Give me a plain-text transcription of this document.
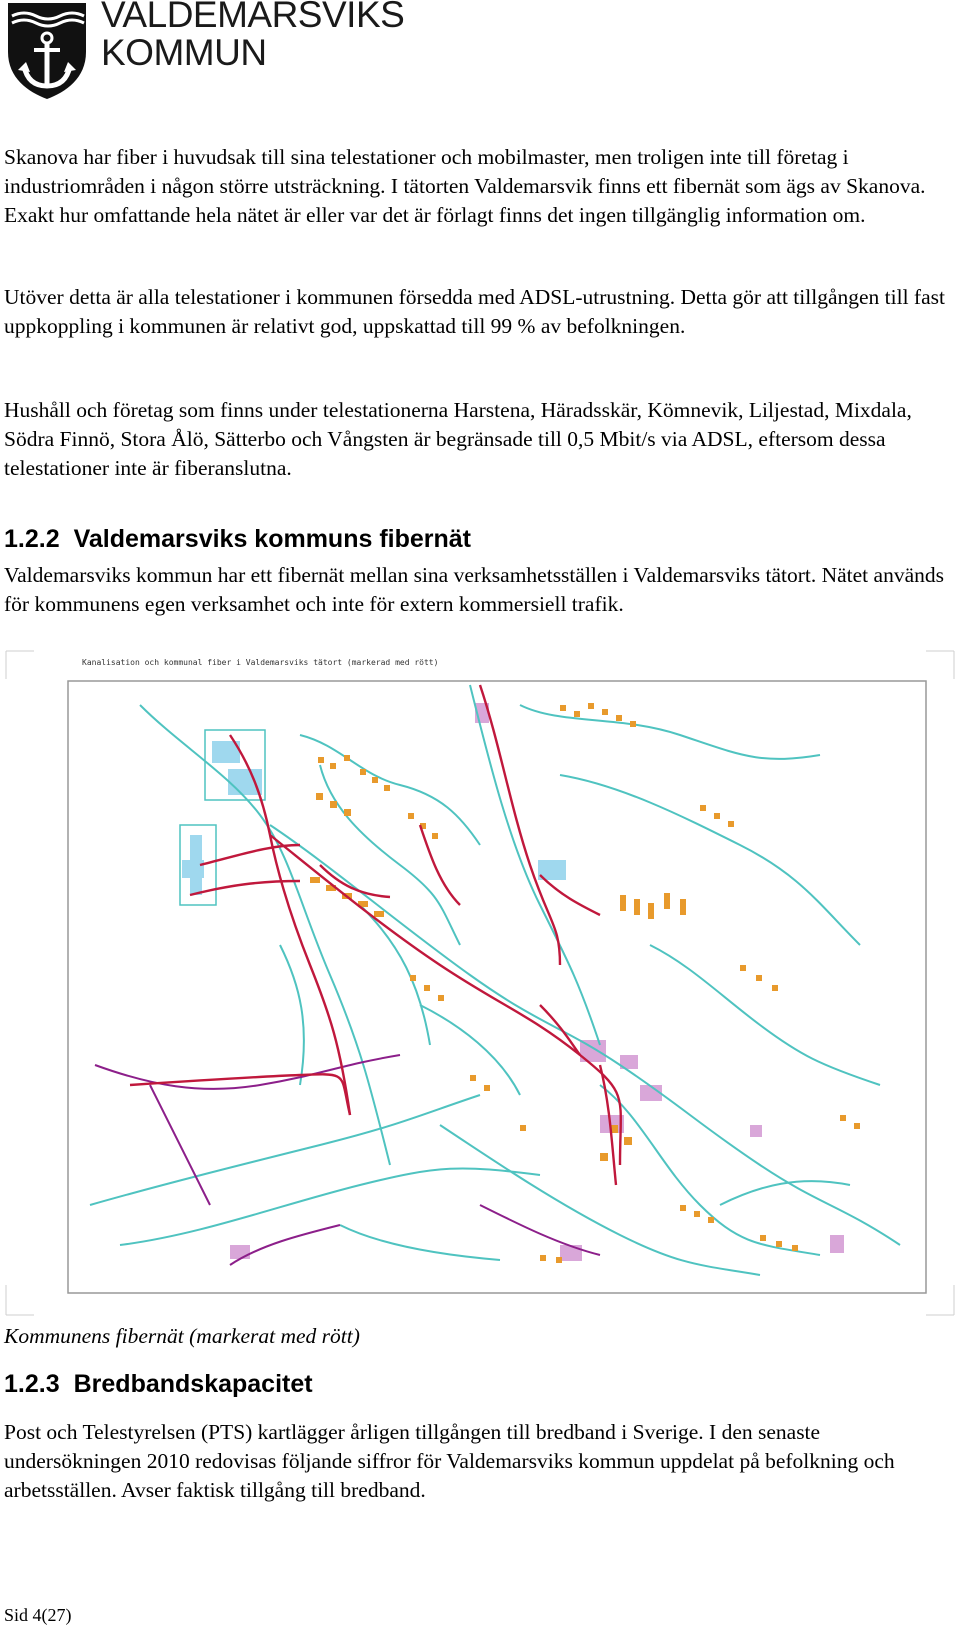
VALDEMARSVIKS
KOMMUN

Skanova har fiber i huvudsak till sina telestationer och mobilmaster, men troligen inte till företag i industriområden i någon större utsträckning. I tätorten Valdemarsvik finns ett fibernät som ägs av Skanova. Exakt hur omfattande hela nätet är eller var det är förlagt finns det ingen tillgänglig information om.

Utöver detta är alla telestationer i kommunen försedda med ADSL-utrustning. Detta gör att tillgången till fast uppkoppling i kommunen är relativt god, uppskattad till 99 % av befolkningen.

Hushåll och företag som finns under telestationerna Harstena, Häradsskär, Kömnevik, Liljestad, Mixdala, Södra Finnö, Stora Ålö, Sätterbo och Vångsten är begränsade till 0,5 Mbit/s via ADSL, eftersom dessa telestationer inte är fiberanslutna.

1.2.2 Valdemarsviks kommuns fibernät

Valdemarsviks kommun har ett fibernät mellan sina verksamhetsställen i Valdemarsviks tätort. Nätet används för kommunens egen verksamhet och inte för extern kommersiell trafik.

Kanalisation och kommunal fiber i Valdemarsviks tätort (markerad med rött)

Kommunens fibernät (markerat med rött)

1.2.3 Bredbandskapacitet

Post och Telestyrelsen (PTS) kartlägger årligen tillgången till bredband i Sverige. I den senaste undersökningen 2010 redovisas följande siffror för Valdemarsviks kommun uppdelat på befolkning och arbetsställen. Avser faktisk tillgång till bredband.

Sid 4(27)
